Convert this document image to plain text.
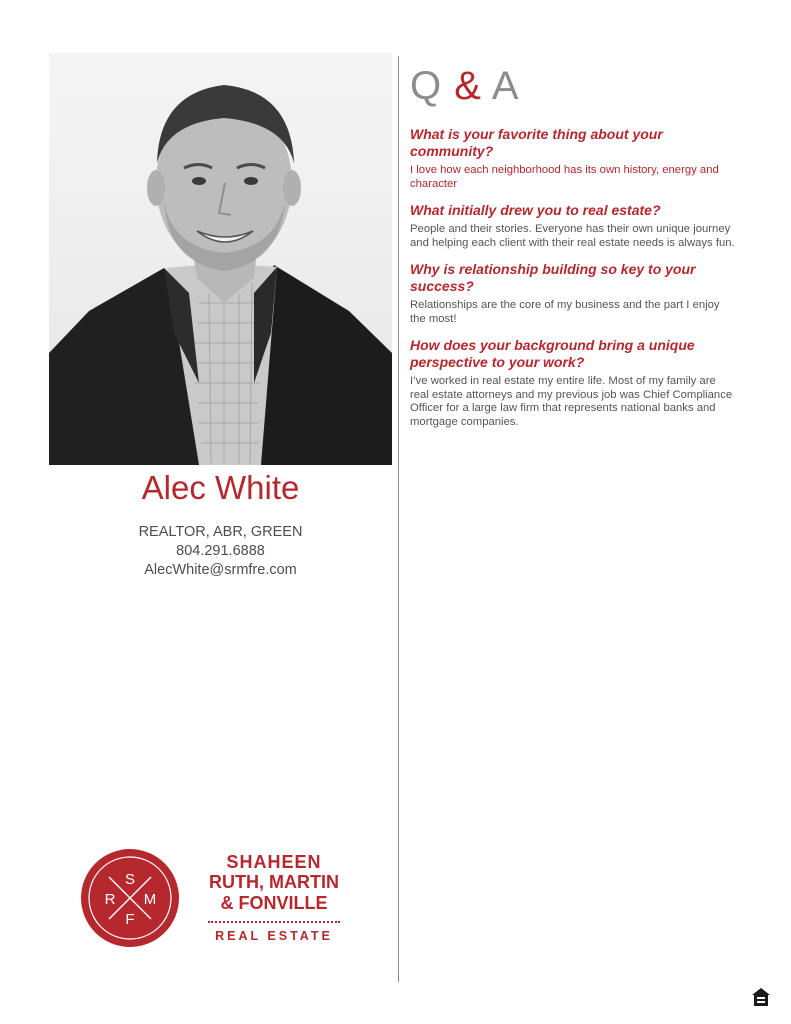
Alec White
REALTOR, ABR, GREEN
804.291.6888
AlecWhite@srmfre.com
Q & A
What is your favorite thing about your community?
I love how each neighborhood has its own history, energy and character
What initially drew you to real estate?
People and their stories. Everyone has their own unique journey and helping each client with their real estate needs is always fun.
Why is relationship building so key to your success?
Relationships are the core of my business and the part I enjoy the most!
How does your background bring a unique perspective to your work?
I’ve worked in real estate my entire life. Most of my family are real estate attorneys and my previous job was Chief Compliance Officer for a large law firm that represents national banks and mortgage companies.
S
R M
F
SHAHEEN
RUTH, MARTIN
& FONVILLE
REAL ESTATE
